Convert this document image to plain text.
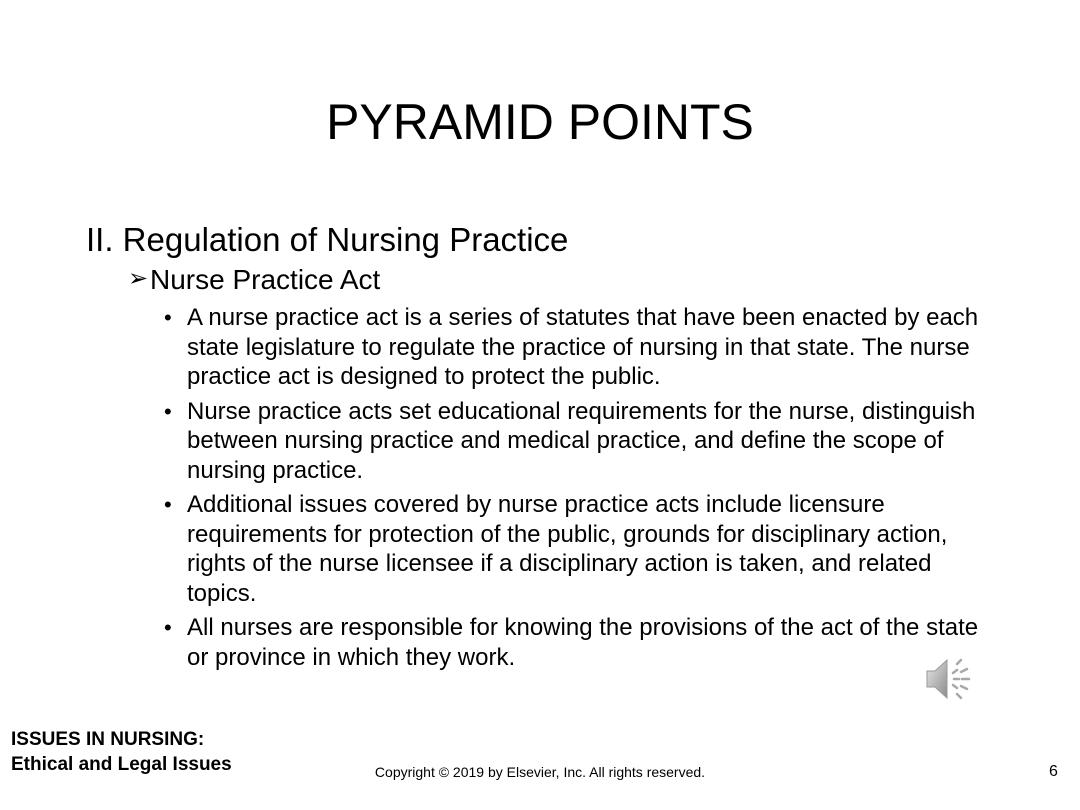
PYRAMID POINTS
II. Regulation of Nursing Practice
➢ Nurse Practice Act
• A nurse practice act is a series of statutes that have been enacted by each state legislature to regulate the practice of nursing in that state. The nurse practice act is designed to protect the public.
• Nurse practice acts set educational requirements for the nurse, distinguish between nursing practice and medical practice, and define the scope of nursing practice.
• Additional issues covered by nurse practice acts include licensure requirements for protection of the public, grounds for disciplinary action, rights of the nurse licensee if a disciplinary action is taken, and related topics.
• All nurses are responsible for knowing the provisions of the act of the state or province in which they work.
ISSUES IN NURSING:
Ethical and Legal Issues	Copyright © 2019 by Elsevier, Inc. All rights reserved.	6
